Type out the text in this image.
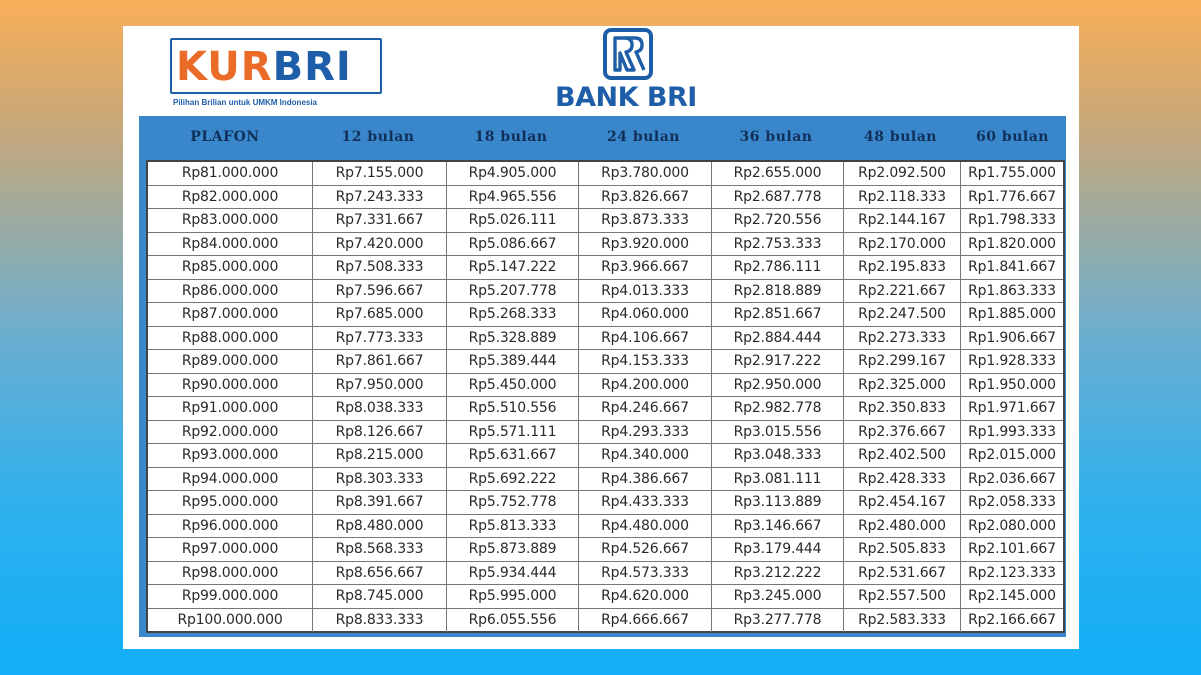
KURBRI
Pilihan Brilian untuk UMKM Indonesia	BANK BRI
PLAFON	12 bulan	18 bulan	24 bulan	36 bulan	48 bulan	60 bulan
Rp81.000.000	Rp7.155.000	Rp4.905.000	Rp3.780.000	Rp2.655.000	Rp2.092.500	Rp1.755.000
Rp82.000.000	Rp7.243.333	Rp4.965.556	Rp3.826.667	Rp2.687.778	Rp2.118.333	Rp1.776.667
Rp83.000.000	Rp7.331.667	Rp5.026.111	Rp3.873.333	Rp2.720.556	Rp2.144.167	Rp1.798.333
Rp84.000.000	Rp7.420.000	Rp5.086.667	Rp3.920.000	Rp2.753.333	Rp2.170.000	Rp1.820.000
Rp85.000.000	Rp7.508.333	Rp5.147.222	Rp3.966.667	Rp2.786.111	Rp2.195.833	Rp1.841.667
Rp86.000.000	Rp7.596.667	Rp5.207.778	Rp4.013.333	Rp2.818.889	Rp2.221.667	Rp1.863.333
Rp87.000.000	Rp7.685.000	Rp5.268.333	Rp4.060.000	Rp2.851.667	Rp2.247.500	Rp1.885.000
Rp88.000.000	Rp7.773.333	Rp5.328.889	Rp4.106.667	Rp2.884.444	Rp2.273.333	Rp1.906.667
Rp89.000.000	Rp7.861.667	Rp5.389.444	Rp4.153.333	Rp2.917.222	Rp2.299.167	Rp1.928.333
Rp90.000.000	Rp7.950.000	Rp5.450.000	Rp4.200.000	Rp2.950.000	Rp2.325.000	Rp1.950.000
Rp91.000.000	Rp8.038.333	Rp5.510.556	Rp4.246.667	Rp2.982.778	Rp2.350.833	Rp1.971.667
Rp92.000.000	Rp8.126.667	Rp5.571.111	Rp4.293.333	Rp3.015.556	Rp2.376.667	Rp1.993.333
Rp93.000.000	Rp8.215.000	Rp5.631.667	Rp4.340.000	Rp3.048.333	Rp2.402.500	Rp2.015.000
Rp94.000.000	Rp8.303.333	Rp5.692.222	Rp4.386.667	Rp3.081.111	Rp2.428.333	Rp2.036.667
Rp95.000.000	Rp8.391.667	Rp5.752.778	Rp4.433.333	Rp3.113.889	Rp2.454.167	Rp2.058.333
Rp96.000.000	Rp8.480.000	Rp5.813.333	Rp4.480.000	Rp3.146.667	Rp2.480.000	Rp2.080.000
Rp97.000.000	Rp8.568.333	Rp5.873.889	Rp4.526.667	Rp3.179.444	Rp2.505.833	Rp2.101.667
Rp98.000.000	Rp8.656.667	Rp5.934.444	Rp4.573.333	Rp3.212.222	Rp2.531.667	Rp2.123.333
Rp99.000.000	Rp8.745.000	Rp5.995.000	Rp4.620.000	Rp3.245.000	Rp2.557.500	Rp2.145.000
Rp100.000.000	Rp8.833.333	Rp6.055.556	Rp4.666.667	Rp3.277.778	Rp2.583.333	Rp2.166.667
